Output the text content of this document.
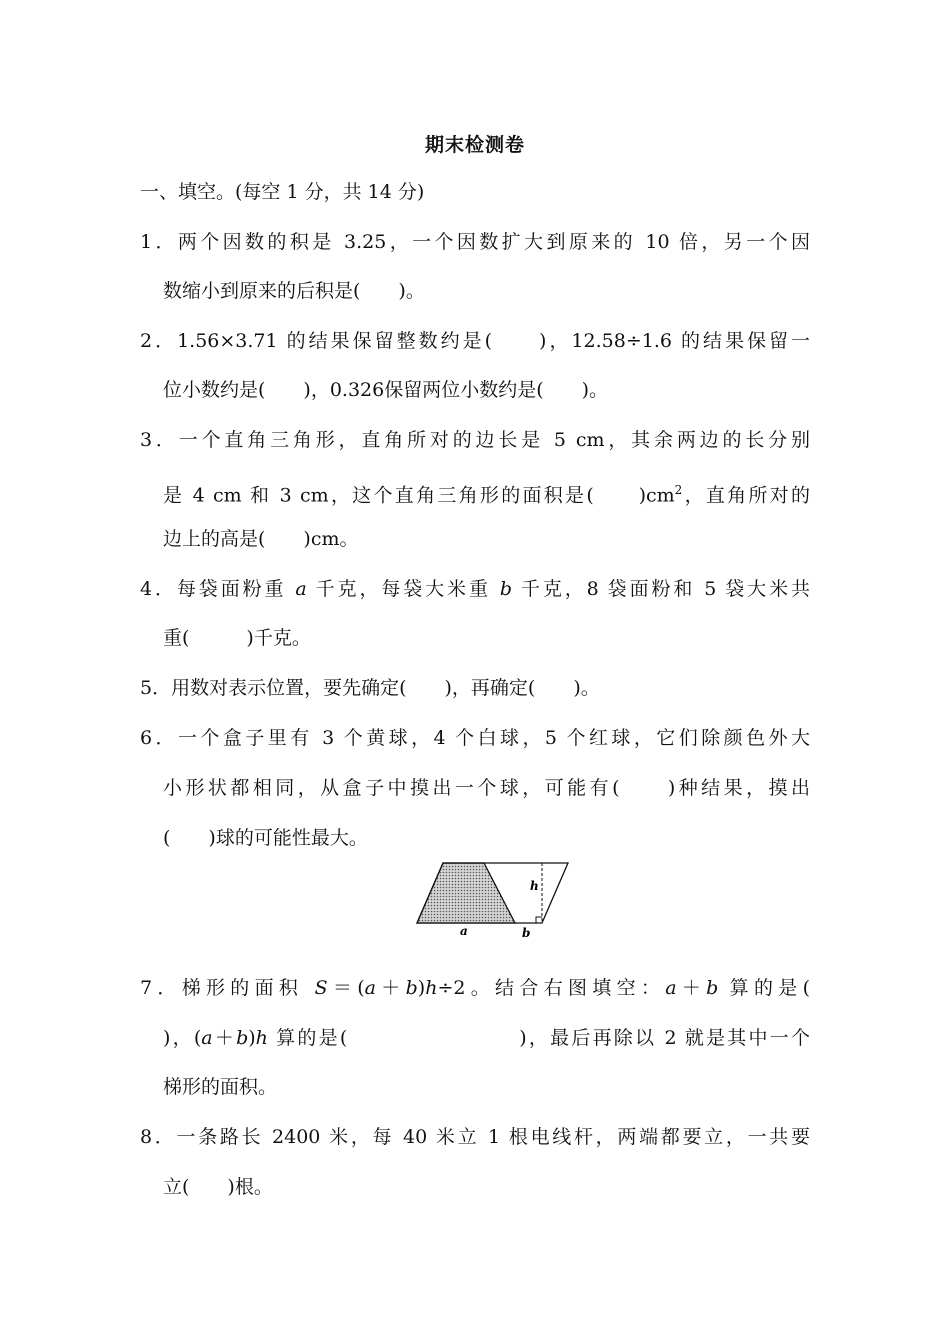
期末检测卷
一、填空。(每空 1 分，共 14 分)
1．两个因数的积是 3.25，一个因数扩大到原来的 10 倍，另一个因
数缩小到原来的后积是(　　)。
2．1.56×3.71 的结果保留整数约是(　　)，12.58÷1.6 的结果保留一
位小数约是(　　)，0.326保留两位小数约是(　　)。
3．一个直角三角形，直角所对的边长是 5 cm，其余两边的长分别
是 4 cm 和 3 cm，这个直角三角形的面积是(　　)$cm^2$，直角所对的
边上的高是(　　)cm。
4．每袋面粉重 a 千克，每袋大米重 b 千克，8 袋面粉和 5 袋大米共
重(　　　)千克。
5．用数对表示位置，要先确定(　　)，再确定(　　)。
6．一个盒子里有 3 个黄球，4 个白球，5 个红球，它们除颜色外大
小形状都相同，从盒子中摸出一个球，可能有(　　)种结果，摸出
(　　)球的可能性最大。
h
a	b
7．梯形的面积 S＝(a＋b)h÷2。结合右图填空：a＋b 算的是(
)，(a＋b)h 算的是(　　　　　　　　)，最后再除以 2 就是其中一个
梯形的面积。
8．一条路长 2400 米，每 40 米立 1 根电线杆，两端都要立，一共要
立(　　)根。
